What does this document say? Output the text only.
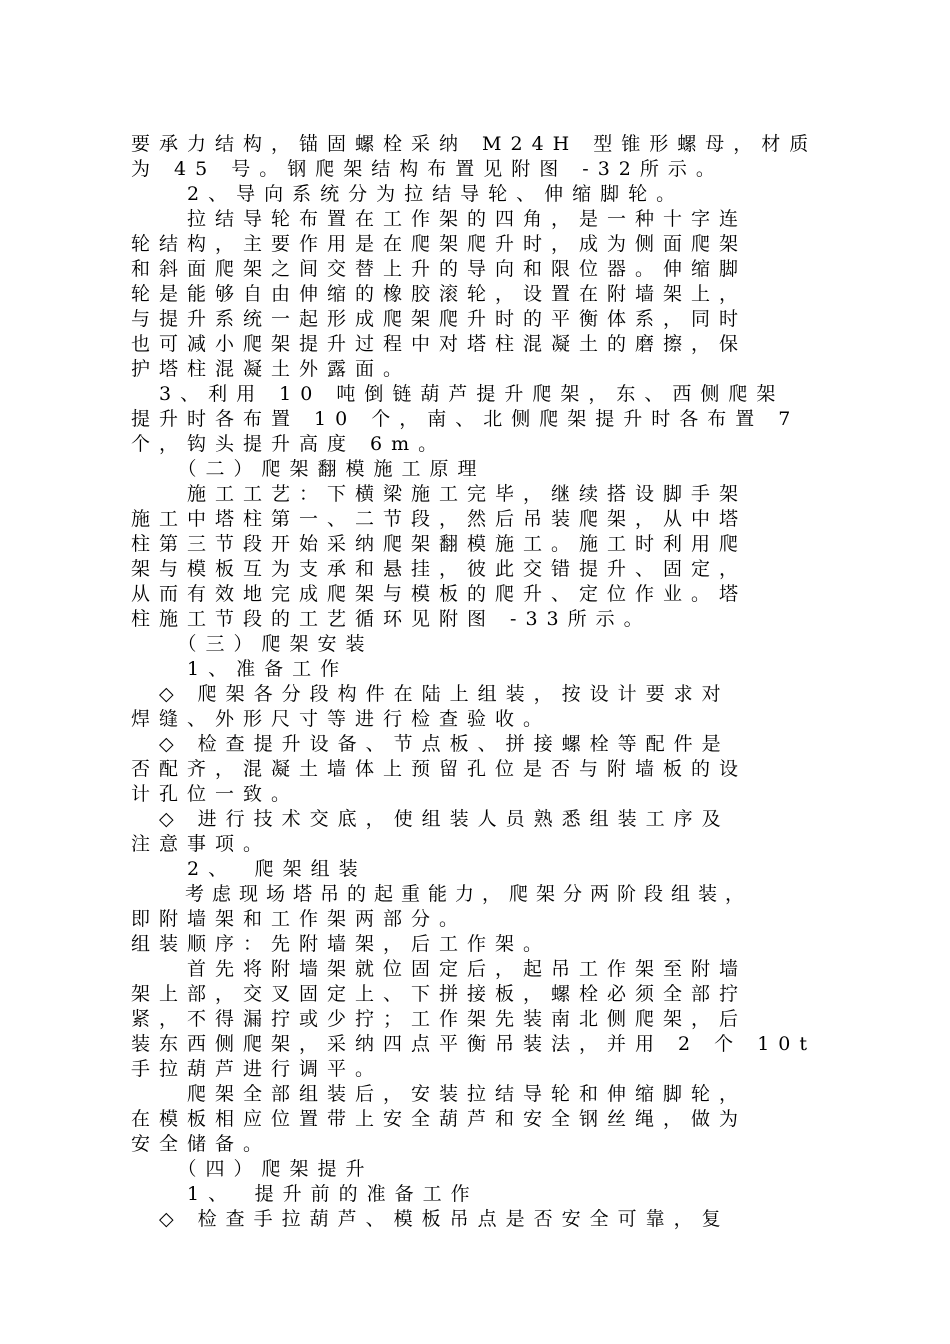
要承力结构，锚固螺栓采纳 M24H 型锥形螺母，材质
为 45 号。钢爬架结构布置见附图 -32所示。
　　2、导向系统分为拉结导轮、伸缩脚轮。
　　拉结导轮布置在工作架的四角，是一种十字连
轮结构，主要作用是在爬架爬升时，成为侧面爬架
和斜面爬架之间交替上升的导向和限位器。伸缩脚
轮是能够自由伸缩的橡胶滚轮，设置在附墙架上，
与提升系统一起形成爬架爬升时的平衡体系，同时
也可减小爬架提升过程中对塔柱混凝土的磨擦，保
护塔柱混凝土外露面。
　3、利用 10 吨倒链葫芦提升爬架，东、西侧爬架
提升时各布置 10 个，南、北侧爬架提升时各布置 7
个，钩头提升高度 6m。
　　（二）爬架翻模施工原理
　　施工工艺：下横梁施工完毕，继续搭设脚手架
施工中塔柱第一、二节段，然后吊装爬架，从中塔
柱第三节段开始采纳爬架翻模施工。施工时利用爬
架与模板互为支承和悬挂，彼此交错提升、固定，
从而有效地完成爬架与模板的爬升、定位作业。塔
柱施工节段的工艺循环见附图 -33所示。
　　（三）爬架安装
　　1、准备工作
　◇ 爬架各分段构件在陆上组装，按设计要求对
焊缝、外形尺寸等进行检查验收。
　◇ 检查提升设备、节点板、拼接螺栓等配件是
否配齐，混凝土墙体上预留孔位是否与附墙板的设
计孔位一致。
　◇ 进行技术交底，使组装人员熟悉组装工序及
注意事项。
　　2、　爬架组装
　　考虑现场塔吊的起重能力，爬架分两阶段组装，
即附墙架和工作架两部分。
组装顺序：先附墙架，后工作架。
　　首先将附墙架就位固定后，起吊工作架至附墙
架上部，交叉固定上、下拼接板，螺栓必须全部拧
紧，不得漏拧或少拧；工作架先装南北侧爬架，后
装东西侧爬架，采纳四点平衡吊装法，并用 2 个 10t
手拉葫芦进行调平。
　　爬架全部组装后，安装拉结导轮和伸缩脚轮，
在模板相应位置带上安全葫芦和安全钢丝绳，做为
安全储备。
　　（四）爬架提升
　　1、　提升前的准备工作
　◇ 检查手拉葫芦、模板吊点是否安全可靠，复
